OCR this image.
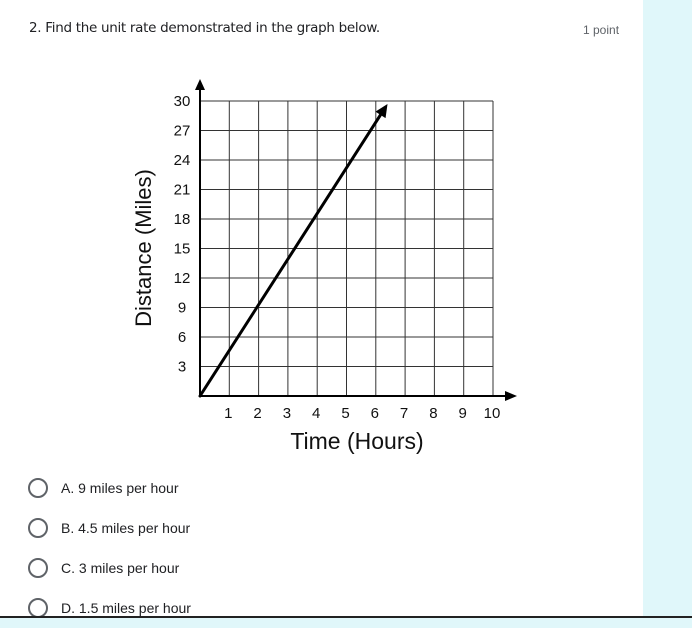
2. Find the unit rate demonstrated in the graph below.	1 point
1 2 3 4 5 6 7 8 9 10
3
6
9
12
15
18
21
24
27
30
Time (Hours)
Distance (Miles)
A. 9 miles per hour
B. 4.5 miles per hour
C. 3 miles per hour
D. 1.5 miles per hour
